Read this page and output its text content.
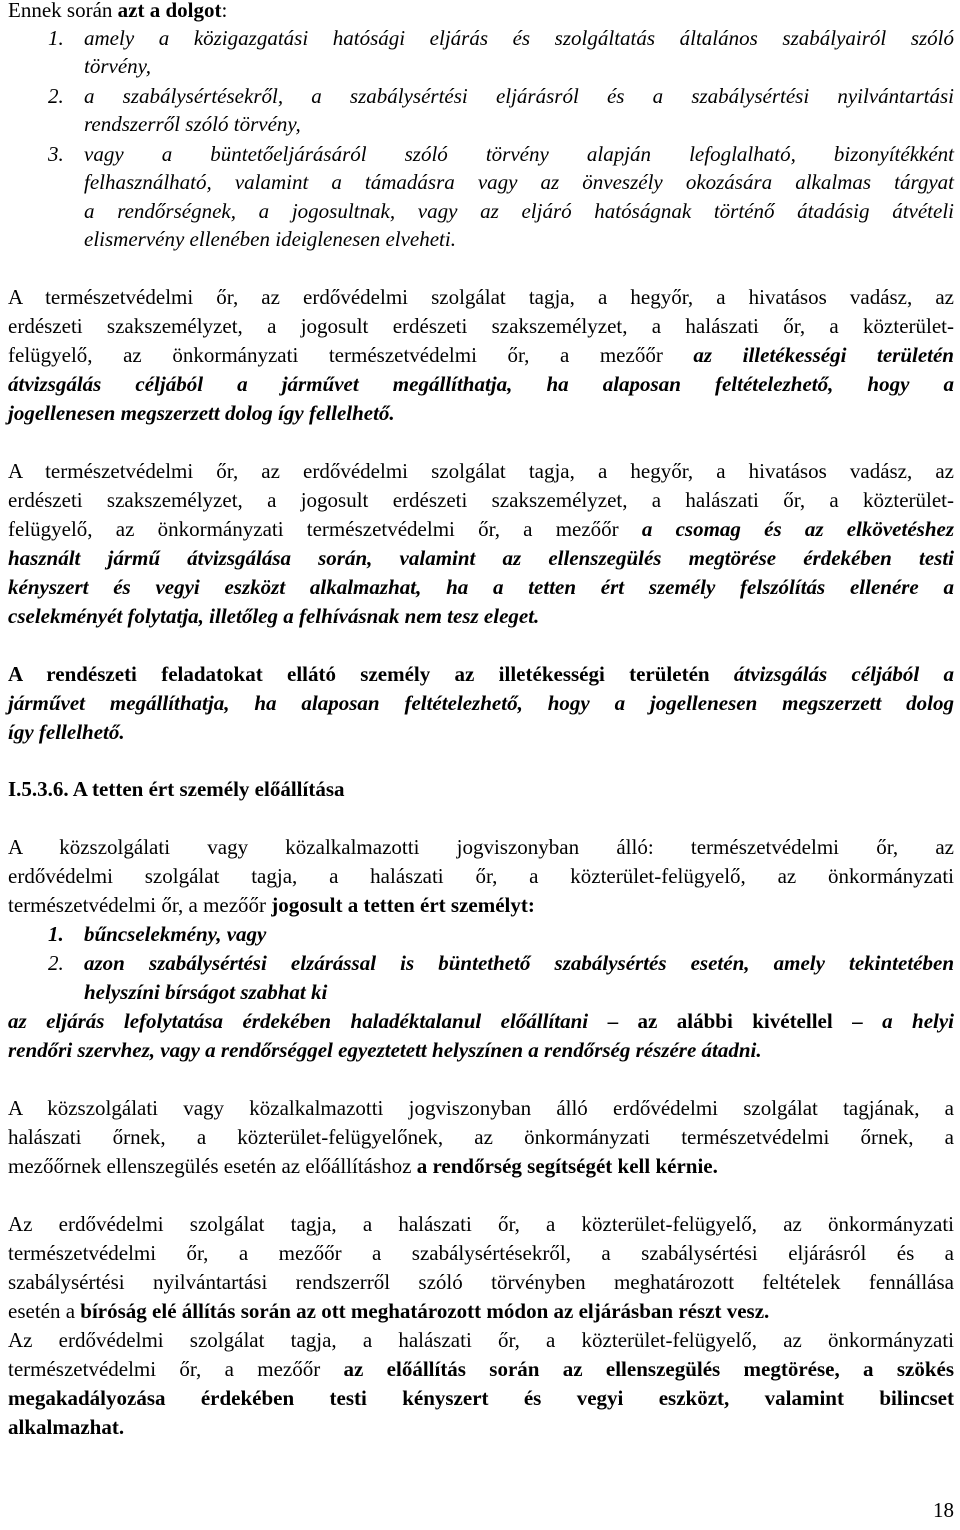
Ennek során azt a dolgot:
1. amely a közigazgatási hatósági eljárás és szolgáltatás általános szabályairól szóló
törvény,
2. a szabálysértésekről, a szabálysértési eljárásról és a szabálysértési nyilvántartási
rendszerről szóló törvény,
3. vagy a büntetőeljárásáról szóló törvény alapján lefoglalható, bizonyítékként
felhasználható, valamint a támadásra vagy az önveszély okozására alkalmas tárgyat
a rendőrségnek, a jogosultnak, vagy az eljáró hatóságnak történő átadásig átvételi
elismervény ellenében ideiglenesen elveheti.
A természetvédelmi őr, az erdővédelmi szolgálat tagja, a hegyőr, a hivatásos vadász, az
erdészeti szakszemélyzet, a jogosult erdészeti szakszemélyzet, a halászati őr, a közterület-
felügyelő, az önkormányzati természetvédelmi őr, a mezőőr az illetékességi területén
átvizsgálás céljából a járművet megállíthatja, ha alaposan feltételezhető, hogy a
jogellenesen megszerzett dolog így fellelhető.
A természetvédelmi őr, az erdővédelmi szolgálat tagja, a hegyőr, a hivatásos vadász, az
erdészeti szakszemélyzet, a jogosult erdészeti szakszemélyzet, a halászati őr, a közterület-
felügyelő, az önkormányzati természetvédelmi őr, a mezőőr a csomag és az elkövetéshez
használt jármű átvizsgálása során, valamint az ellenszegülés megtörése érdekében testi
kényszert és vegyi eszközt alkalmazhat, ha a tetten ért személy felszólítás ellenére a
cselekményét folytatja, illetőleg a felhívásnak nem tesz eleget.
A rendészeti feladatokat ellátó személy az illetékességi területén átvizsgálás céljából a
járművet megállíthatja, ha alaposan feltételezhető, hogy a jogellenesen megszerzett dolog
így fellelhető.
I.5.3.6. A tetten ért személy előállítása
A közszolgálati vagy közalkalmazotti jogviszonyban álló: természetvédelmi őr, az
erdővédelmi szolgálat tagja, a halászati őr, a közterület-felügyelő, az önkormányzati
természetvédelmi őr, a mezőőr jogosult a tetten ért személyt:
1. bűncselekmény, vagy
2. azon szabálysértési elzárással is büntethető szabálysértés esetén, amely tekintetében
helyszíni bírságot szabhat ki
az eljárás lefolytatása érdekében haladéktalanul előállítani – az alábbi kivétellel – a helyi
rendőri szervhez, vagy a rendőrséggel egyeztetett helyszínen a rendőrség részére átadni.
A közszolgálati vagy közalkalmazotti jogviszonyban álló erdővédelmi szolgálat tagjának, a
halászati őrnek, a közterület-felügyelőnek, az önkormányzati természetvédelmi őrnek, a
mezőőrnek ellenszegülés esetén az előállításhoz a rendőrség segítségét kell kérnie.
Az erdővédelmi szolgálat tagja, a halászati őr, a közterület-felügyelő, az önkormányzati
természetvédelmi őr, a mezőőr a szabálysértésekről, a szabálysértési eljárásról és a
szabálysértési nyilvántartási rendszerről szóló törvényben meghatározott feltételek fennállása
esetén a bíróság elé állítás során az ott meghatározott módon az eljárásban részt vesz.
Az erdővédelmi szolgálat tagja, a halászati őr, a közterület-felügyelő, az önkormányzati
természetvédelmi őr, a mezőőr az előállítás során az ellenszegülés megtörése, a szökés
megakadályozása érdekében testi kényszert és vegyi eszközt, valamint bilincset
alkalmazhat.
18
